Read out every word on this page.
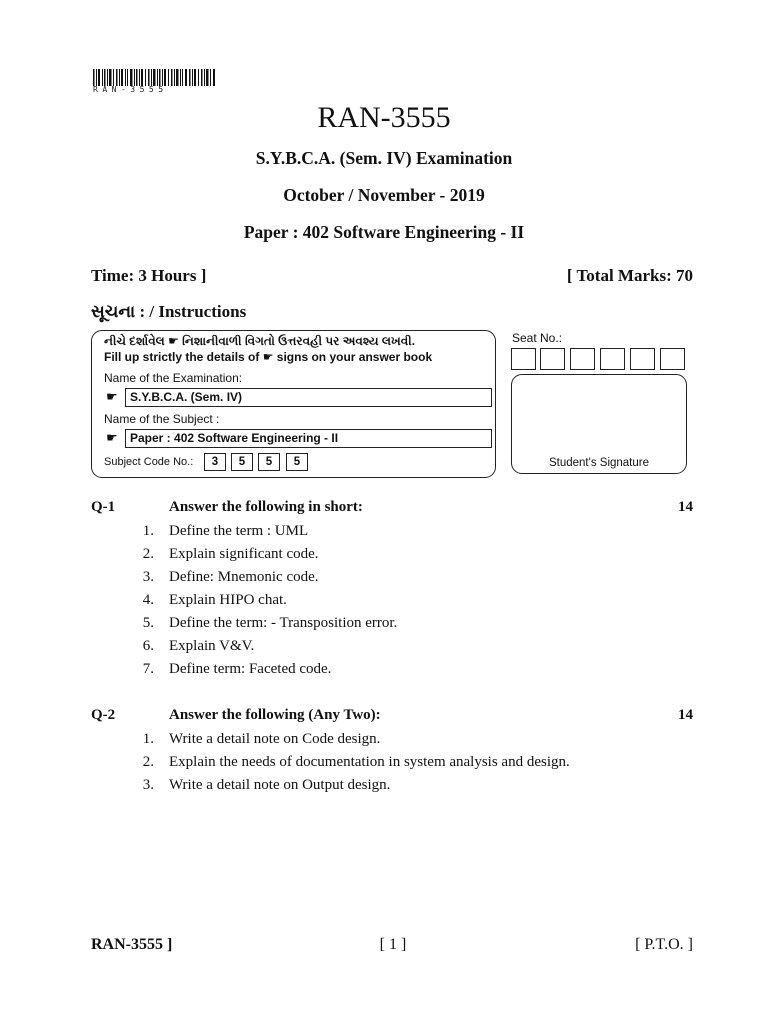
RAN-3555
RAN-3555
S.Y.B.C.A. (Sem. IV) Examination
October / November - 2019
Paper : 402 Software Engineering - II
Time: 3 Hours ]	[ Total Marks: 70
સૂચના : / Instructions
નીચે દર્શાવેલ ☛ નિશાનીવાળી વિગતો ઉત્તરવહી પર અવશ્ય લખવી.
Fill up strictly the details of ☛ signs on your answer book
Name of the Examination:
☛	S.Y.B.C.A. (Sem. IV)
Name of the Subject :
☛	Paper : 402 Software Engineering - II
Subject Code No.:	3	5	5	5
Seat No.:
Student's Signature
Q-1	Answer the following in short:	14
1. Define the term : UML
2. Explain significant code.
3. Define: Mnemonic code.
4. Explain HIPO chat.
5. Define the term: - Transposition error.
6. Explain V&V.
7. Define term: Faceted code.
Q-2	Answer the following (Any Two):	14
1. Write a detail note on Code design.
2. Explain the needs of documentation in system analysis and design.
3. Write a detail note on Output design.
RAN-3555 ]	[ 1 ]	[ P.T.O. ]
